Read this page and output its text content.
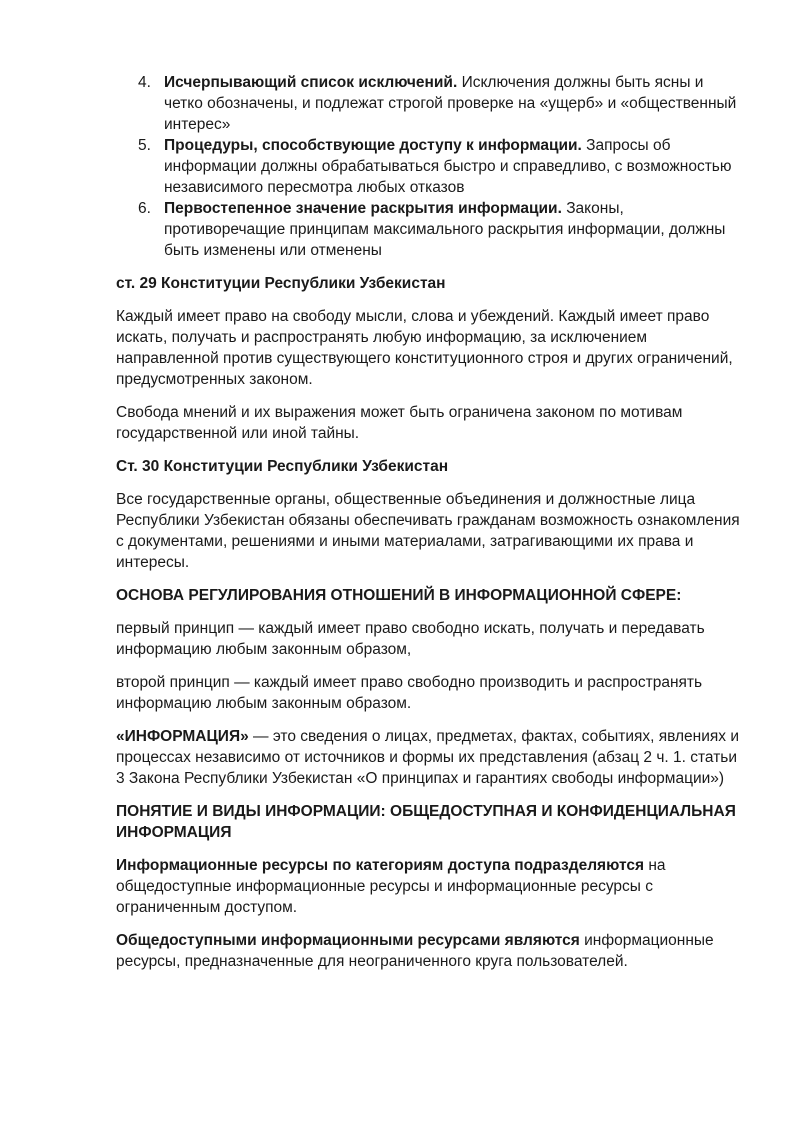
4. Исчерпывающий список исключений. Исключения должны быть ясны и четко обозначены, и подлежат строгой проверке на «ущерб» и «общественный интерес»
5. Процедуры, способствующие доступу к информации. Запросы об информации должны обрабатываться быстро и справедливо, с возможностью независимого пересмотра любых отказов
6. Первостепенное значение раскрытия информации. Законы, противоречащие принципам максимального раскрытия информации, должны быть изменены или отменены
ст. 29 Конституции Республики Узбекистан

Каждый имеет право на свободу мысли, слова и убеждений. Каждый имеет право искать, получать и распространять любую информацию, за исключением направленной против существующего конституционного строя и других ограничений, предусмотренных законом.

Свобода мнений и их выражения может быть ограничена законом по мотивам государственной или иной тайны.

Ст. 30 Конституции Республики Узбекистан

Все государственные органы, общественные объединения и должностные лица Республики Узбекистан обязаны обеспечивать гражданам возможность ознакомления с документами, решениями и иными материалами, затрагивающими их права и интересы.

ОСНОВА РЕГУЛИРОВАНИЯ ОТНОШЕНИЙ В ИНФОРМАЦИОННОЙ СФЕРЕ:

первый принцип — каждый имеет право свободно искать, получать и передавать информацию любым законным образом,

второй принцип — каждый имеет право свободно производить и распространять информацию любым законным образом.

«ИНФОРМАЦИЯ» — это сведения о лицах, предметах, фактах, событиях, явлениях и процессах независимо от источников и формы их представления (абзац 2 ч. 1. статьи 3 Закона Республики Узбекистан «О принципах и гарантиях свободы информации»)

ПОНЯТИЕ И ВИДЫ ИНФОРМАЦИИ: ОБЩЕДОСТУПНАЯ И КОНФИДЕНЦИАЛЬНАЯ ИНФОРМАЦИЯ

Информационные ресурсы по категориям доступа подразделяются на общедоступные информационные ресурсы и информационные ресурсы с ограниченным доступом.

Общедоступными информационными ресурсами являются информационные ресурсы, предназначенные для неограниченного круга пользователей.
